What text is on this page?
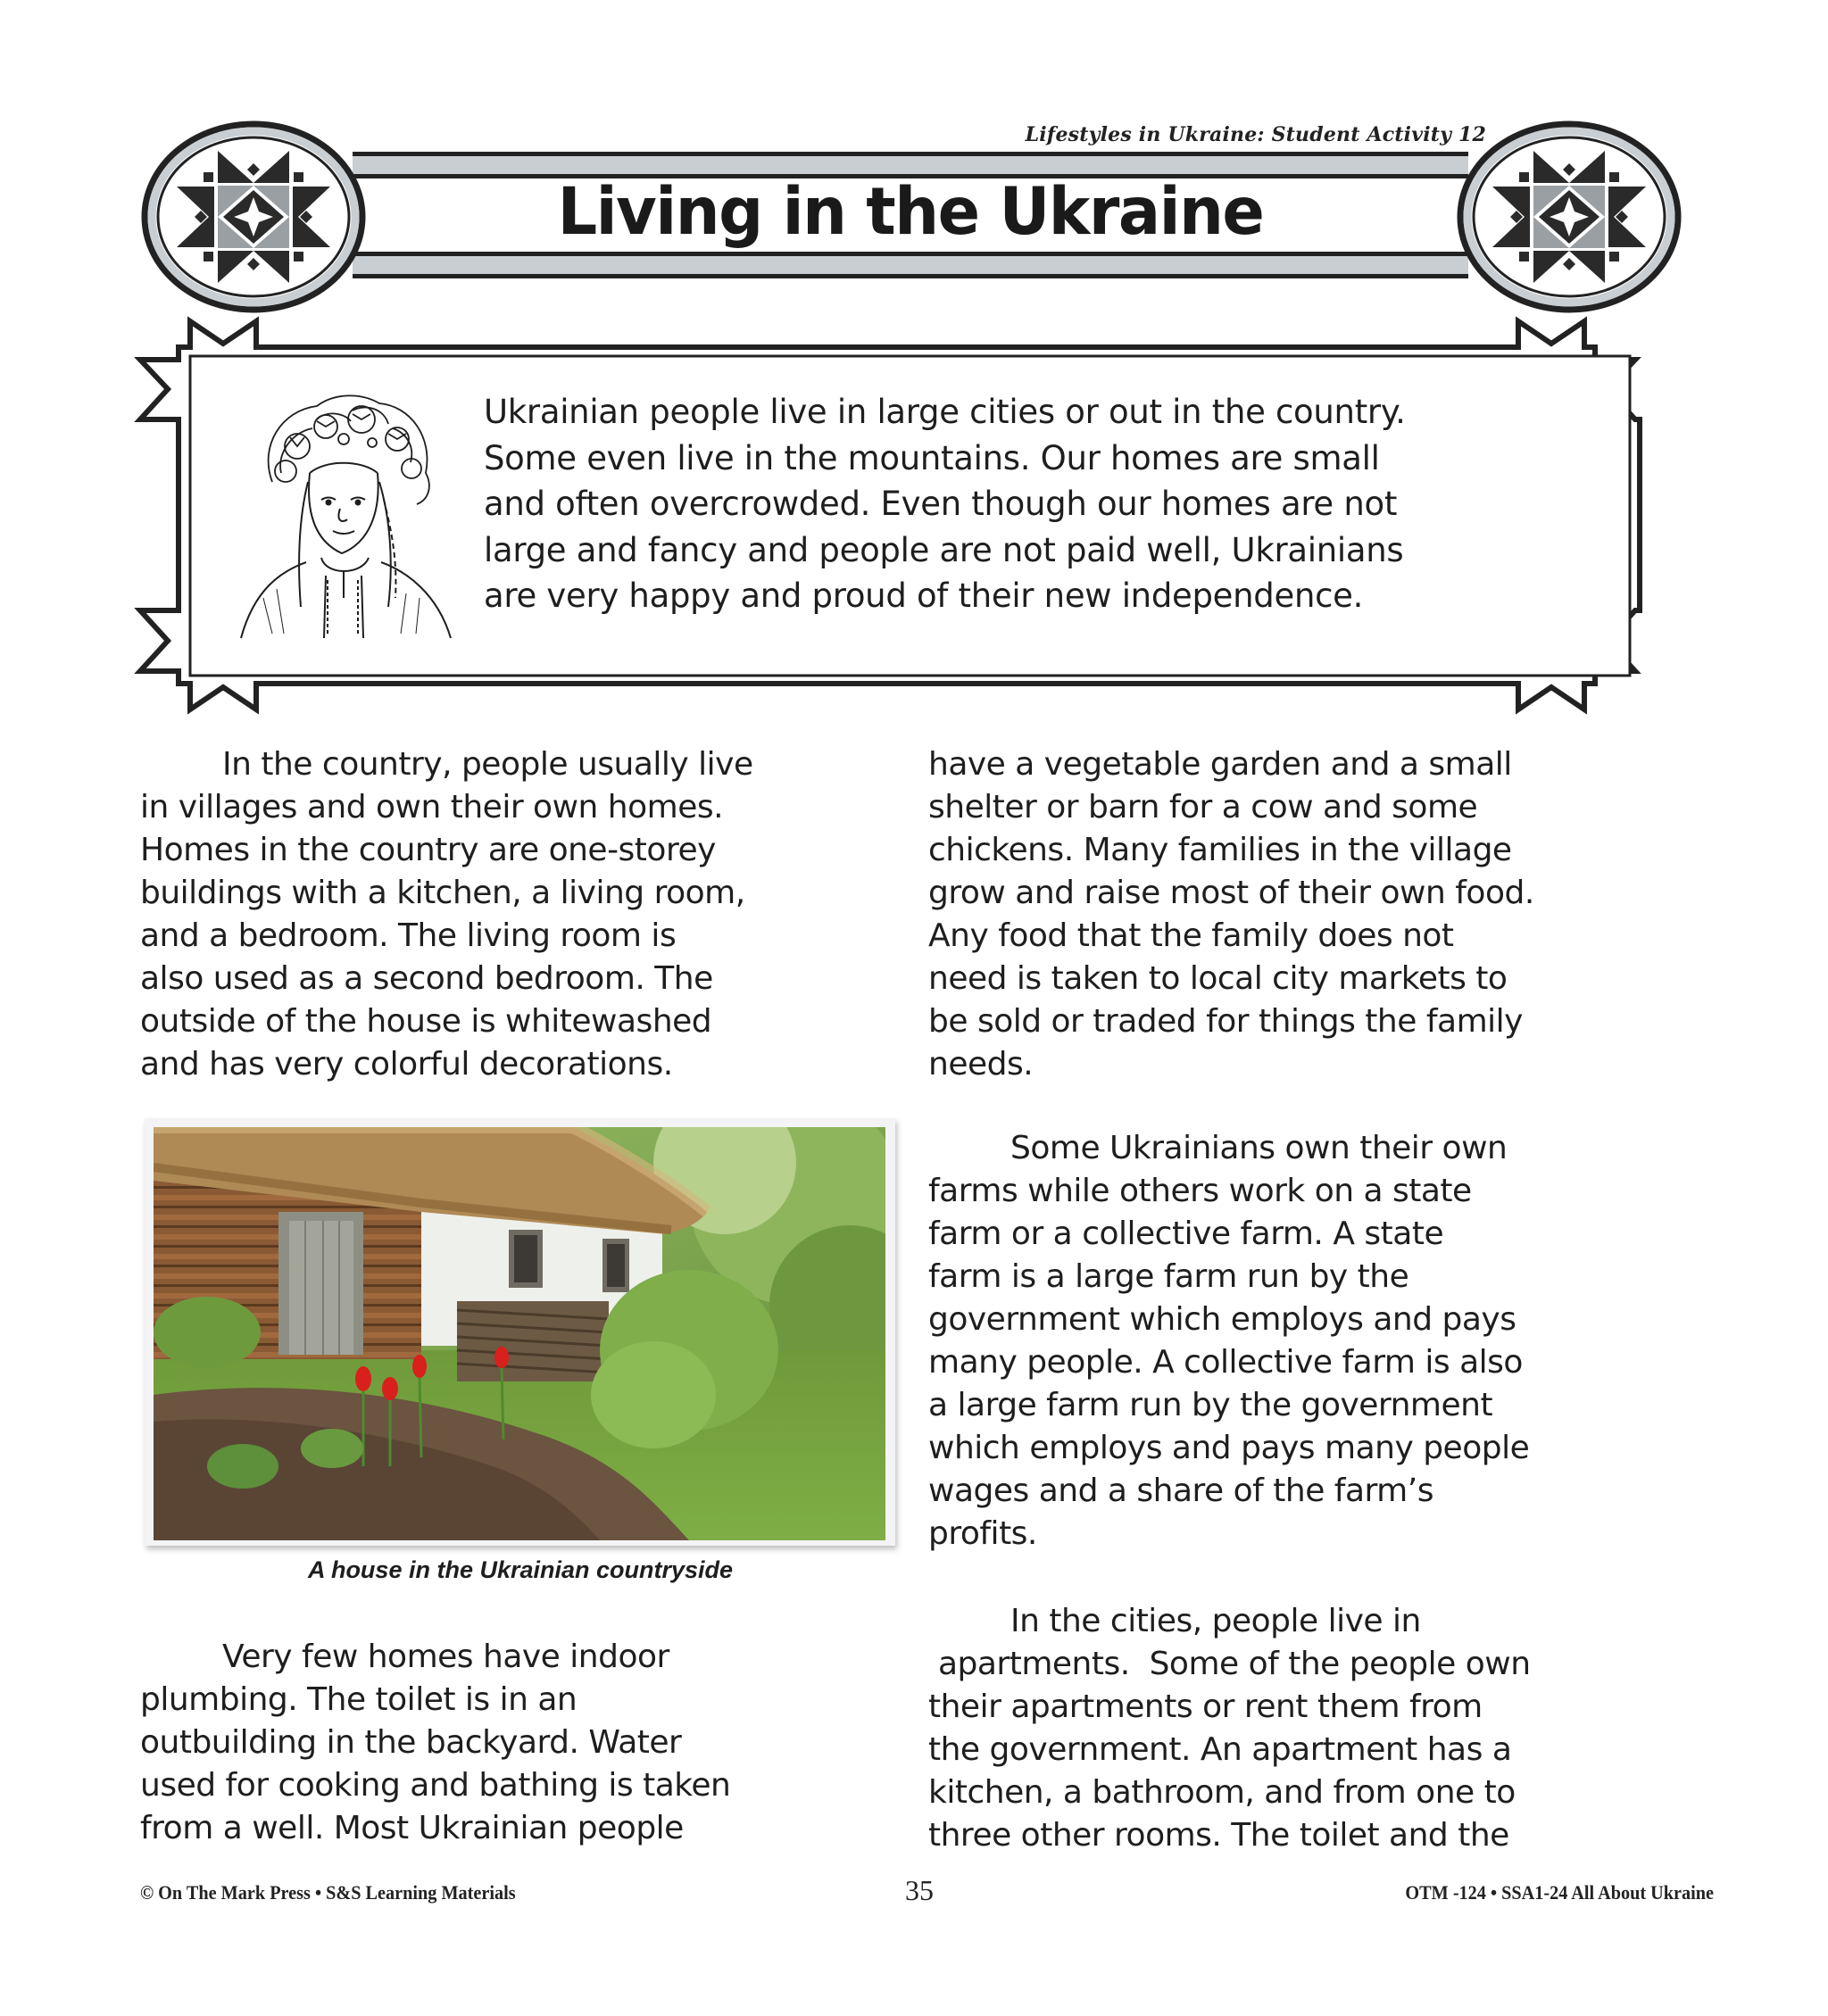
Lifestyles in Ukraine: Student Activity 12
Living in the Ukraine
Ukrainian people live in large cities or out in the country.
Some even live in the mountains. Our homes are small
and often overcrowded. Even though our homes are not
large and fancy and people are not paid well, Ukrainians
are very happy and proud of their new independence.

In the country, people usually live

in villages and own their own homes.

Homes in the country are one-storey

buildings with a kitchen, a living room,

and a bedroom. The living room is

also used as a second bedroom. The

outside of the house is whitewashed

and has very colorful decorations.

A house in the Ukrainian countryside

Very few homes have indoor

plumbing. The toilet is in an

outbuilding in the backyard. Water

used for cooking and bathing is taken

from a well. Most Ukrainian people

have a vegetable garden and a small

shelter or barn for a cow and some

chickens. Many families in the village

grow and raise most of their own food.

Any food that the family does not

need is taken to local city markets to

be sold or traded for things the family

needs.

Some Ukrainians own their own

farms while others work on a state

farm or a collective farm. A state

farm is a large farm run by the

government which employs and pays

many people. A collective farm is also

a large farm run by the government

which employs and pays many people

wages and a share of the farm’s

profits.

In the cities, people live in

apartments.  Some of the people own

their apartments or rent them from

the government. An apartment has a

kitchen, a bathroom, and from one to

three other rooms. The toilet and the

© On The Mark Press • S&S Learning Materials	35	OTM -124 • SSA1-24 All About Ukraine
